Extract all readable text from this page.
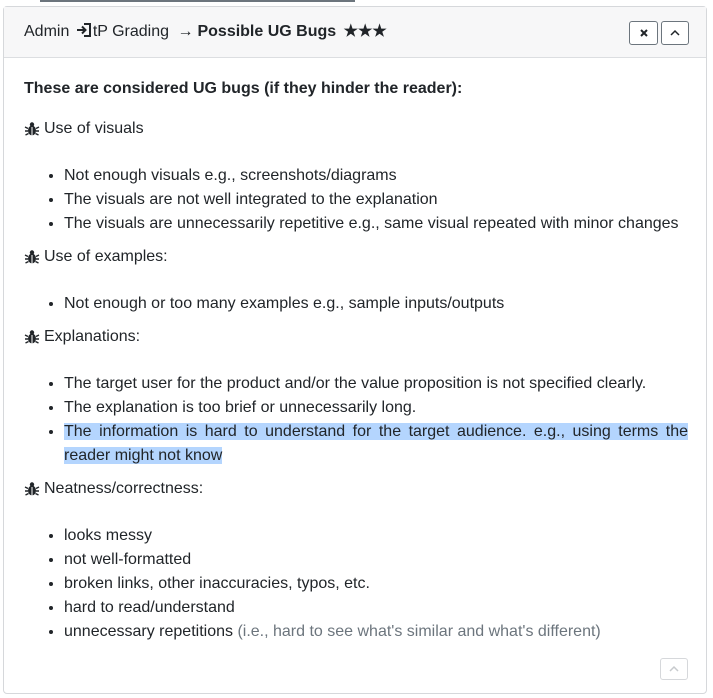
Admin tP Grading → Possible UG Bugs ★★★
These are considered UG bugs (if they hinder the reader):
Use of visuals
• Not enough visuals e.g., screenshots/diagrams
• The visuals are not well integrated to the explanation
• The visuals are unnecessarily repetitive e.g., same visual repeated with minor changes
Use of examples:
• Not enough or too many examples e.g., sample inputs/outputs
Explanations:
• The target user for the product and/or the value proposition is not specified clearly.
• The explanation is too brief or unnecessarily long.
• The information is hard to understand for the target audience. e.g., using terms the reader might not know
Neatness/correctness:
• looks messy
• not well-formatted
• broken links, other inaccuracies, typos, etc.
• hard to read/understand
• unnecessary repetitions (i.e., hard to see what's similar and what's different)
